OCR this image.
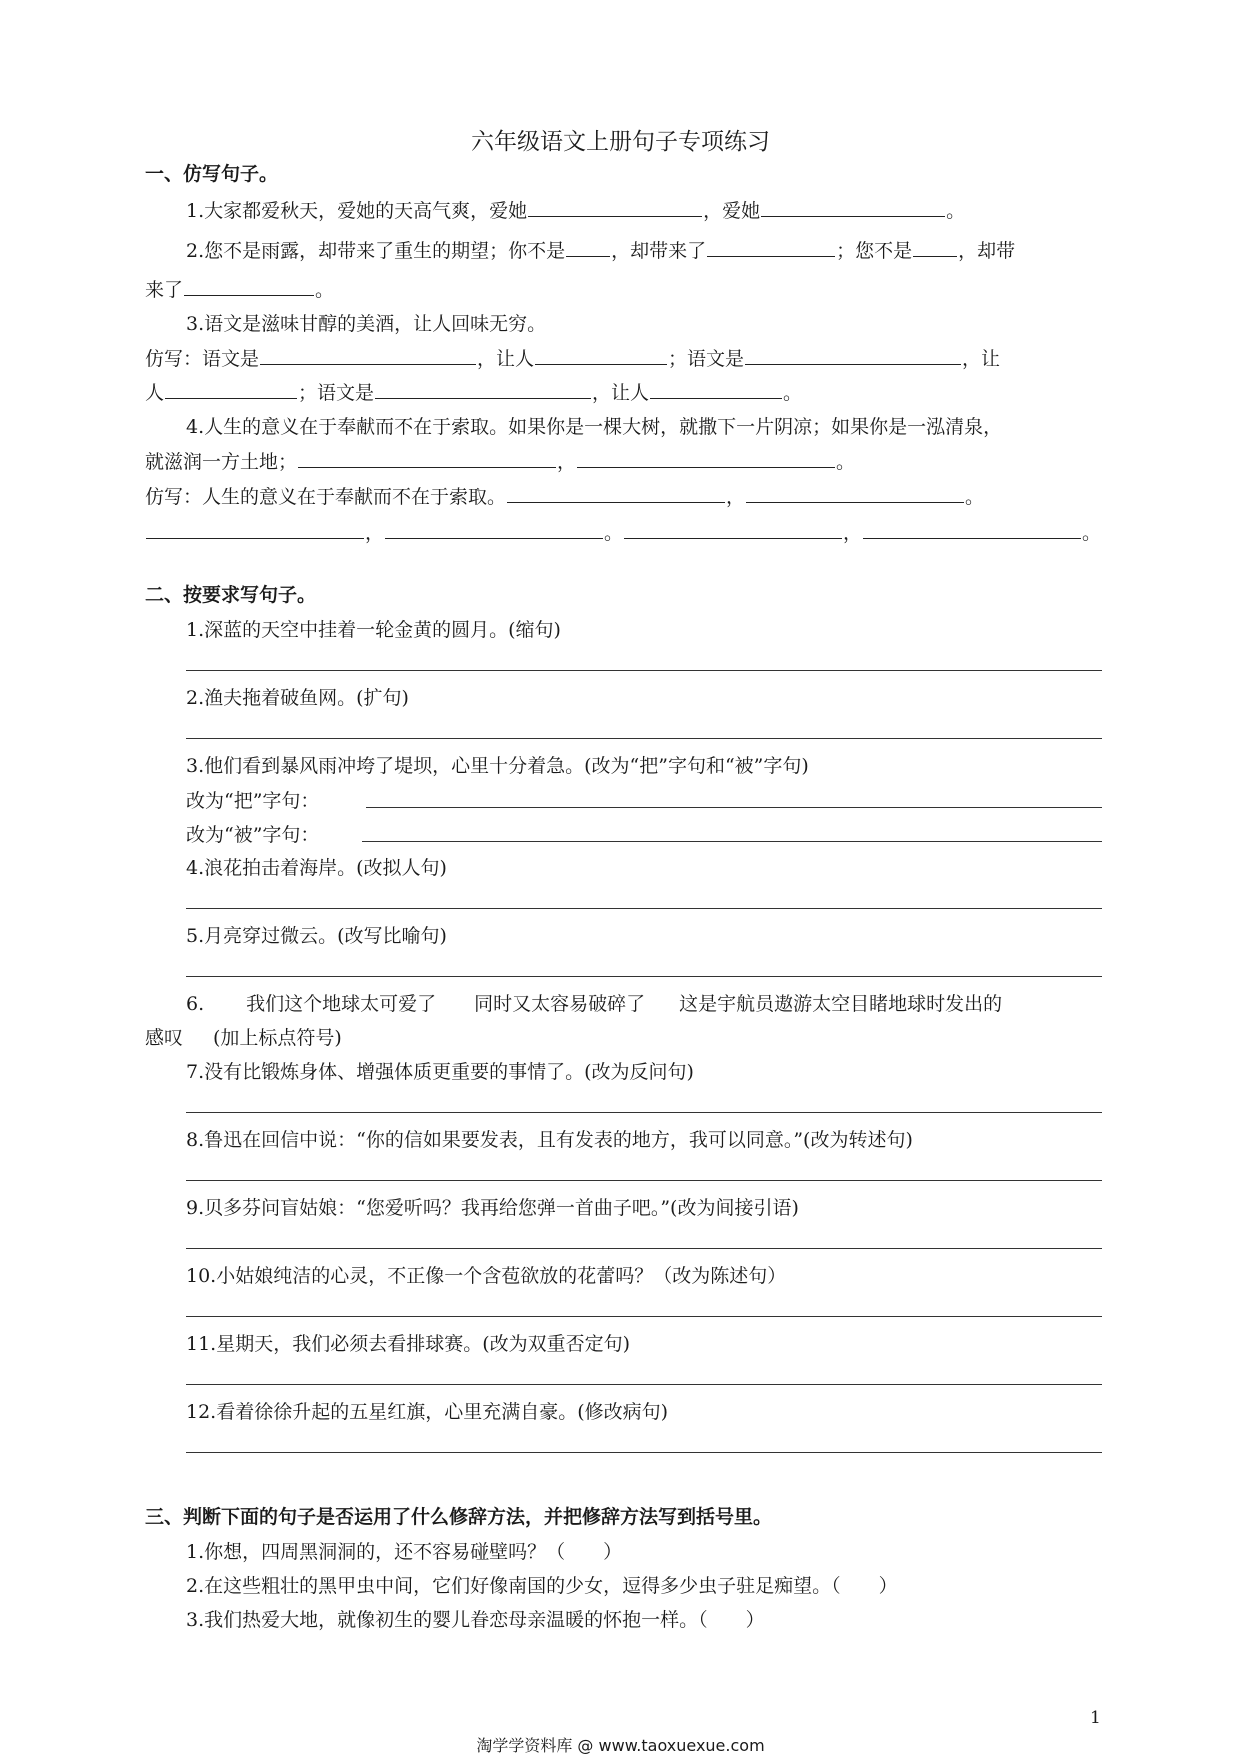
六年级语文上册句子专项练习
一、仿写句子。
1.大家都爱秋天，爱她的天高气爽，爱她	，爱她	。
2.您不是雨露，却带来了重生的期望；你不是 ，却带来了	；您不是 ，却带
来了	。
3.语文是滋味甘醇的美酒，让人回味无穷。
仿写：语文是	，让人	；语文是	，让
人	；语文是	，让人	。
4.人生的意义在于奉献而不在于索取。如果你是一棵大树，就撒下一片阴凉；如果你是一泓清泉，
就滋润一方土地；	，	。
仿写：人生的意义在于奉献而不在于索取。	，	。
，	。	，	。
二、按要求写句子。
1.深蓝的天空中挂着一轮金黄的圆月。(缩句)
2.渔夫拖着破鱼网。(扩句)
3.他们看到暴风雨冲垮了堤坝，心里十分着急。(改为“把”字句和“被”字句)
改为“把”字句：
改为“被”字句：
4.浪花拍击着海岸。(改拟人句)
5.月亮穿过微云。(改写比喻句)
6. 我们这个地球太可爱了 同时又太容易破碎了 这是宇航员遨游太空目睹地球时发出的
感叹 (加上标点符号)
7.没有比锻炼身体、增强体质更重要的事情了。(改为反问句)
8.鲁迅在回信中说：“你的信如果要发表，且有发表的地方，我可以同意。”(改为转述句)
9.贝多芬问盲姑娘：“您爱听吗？我再给您弹一首曲子吧。”(改为间接引语)
10.小姑娘纯洁的心灵，不正像一个含苞欲放的花蕾吗？（改为陈述句）
11.星期天，我们必须去看排球赛。(改为双重否定句)
12.看着徐徐升起的五星红旗，心里充满自豪。(修改病句)
三、判断下面的句子是否运用了什么修辞方法，并把修辞方法写到括号里。
1.你想，四周黑洞洞的，还不容易碰壁吗？（ ）
2.在这些粗壮的黑甲虫中间，它们好像南国的少女，逗得多少虫子驻足痴望。（ ）
3.我们热爱大地，就像初生的婴儿眷恋母亲温暖的怀抱一样。（ ）
1
淘学学资料库 @ www.taoxuexue.com
